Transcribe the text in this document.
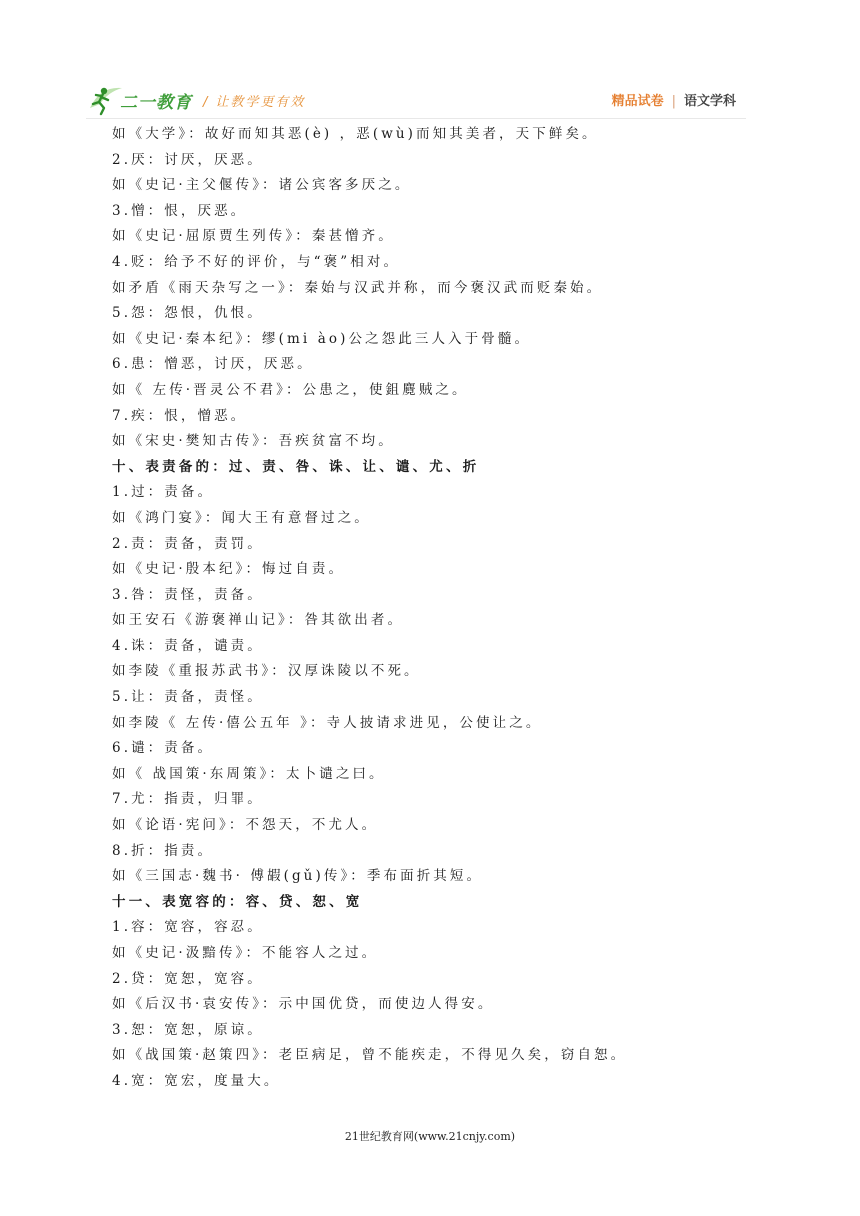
二一教育 / 让教学更有效	精品试卷 | 语文学科
如《大学》：故好而知其恶(è) ，恶(wù)而知其美者，天下鲜矣。
2.厌：讨厌，厌恶。
如《史记·主父偃传》：诸公宾客多厌之。
3.憎：恨，厌恶。
如《史记·屈原贾生列传》：秦甚憎齐。
4.贬：给予不好的评价，与“褒”相对。
如矛盾《雨天杂写之一》：秦始与汉武并称，而今褒汉武而贬秦始。
5.怨：怨恨，仇恨。
如《史记·秦本纪》：缪(mi ào)公之怨此三人入于骨髓。
6.患：憎恶，讨厌，厌恶。
如《 左传·晋灵公不君》：公患之，使鉏麑贼之。
7.疾：恨，憎恶。
如《宋史·樊知古传》：吾疾贫富不均。
十、表责备的：过、责、咎、诛、让、谴、尤、折
1.过：责备。
如《鸿门宴》：闻大王有意督过之。
2.责：责备，责罚。
如《史记·殷本纪》：悔过自责。
3.咎：责怪，责备。
如王安石《游褒禅山记》：咎其欲出者。
4.诛：责备，谴责。
如李陵《重报苏武书》：汉厚诛陵以不死。
5.让：责备，责怪。
如李陵《 左传·僖公五年 》：寺人披请求进见，公使让之。
6.谴：责备。
如《 战国策·东周策》：太卜谴之曰。
7.尤：指责，归罪。
如《论语·宪问》：不怨天，不尤人。
8.折：指责。
如《三国志·魏书· 傅嘏(gǔ)传》：季布面折其短。
十一、表宽容的：容、贷、恕、宽
1.容：宽容，容忍。
如《史记·汲黯传》：不能容人之过。
2.贷：宽恕，宽容。
如《后汉书·袁安传》：示中国优贷，而使边人得安。
3.恕：宽恕，原谅。
如《战国策·赵策四》：老臣病足，曾不能疾走，不得见久矣，窃自恕。
4.宽：宽宏，度量大。
21世纪教育网(www.21cnjy.com)
